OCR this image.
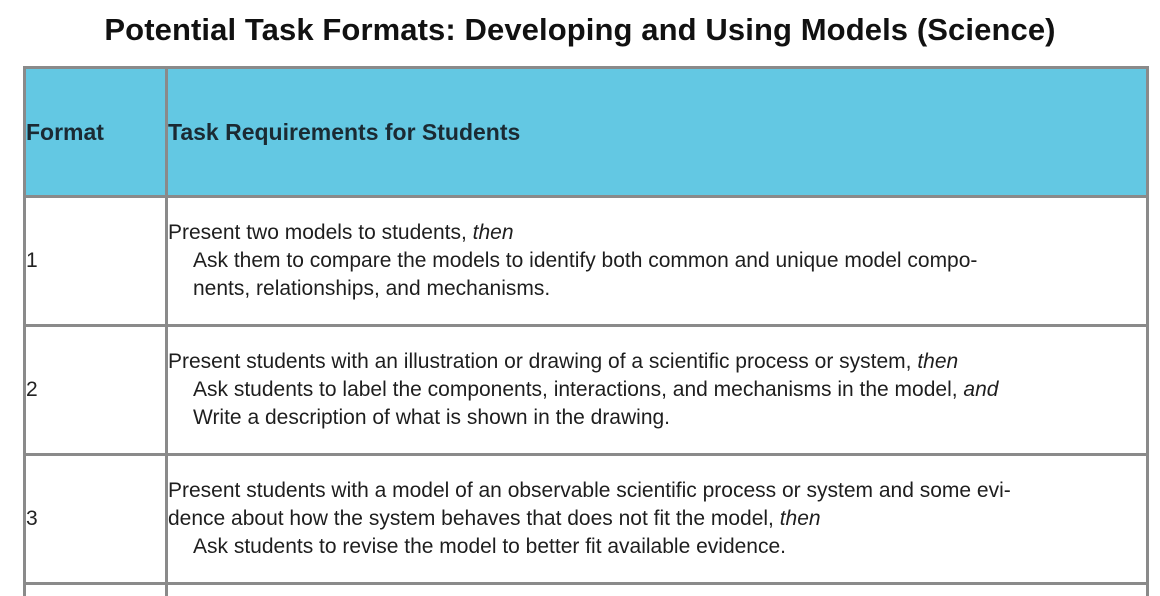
Potential Task Formats: Developing and Using Models (Science)
Format	Task Requirements for Students
1	Present two models to students, then
Ask them to compare the models to identify both common and unique model compo-
nents, relationships, and mechanisms.

2	Present students with an illustration or drawing of a scientific process or system, then
Ask students to label the components, interactions, and mechanisms in the model, and
Write a description of what is shown in the drawing.

3	Present students with a model of an observable scientific process or system and some evi-
dence about how the system behaves that does not fit the model, then
Ask students to revise the model to better fit available evidence.
